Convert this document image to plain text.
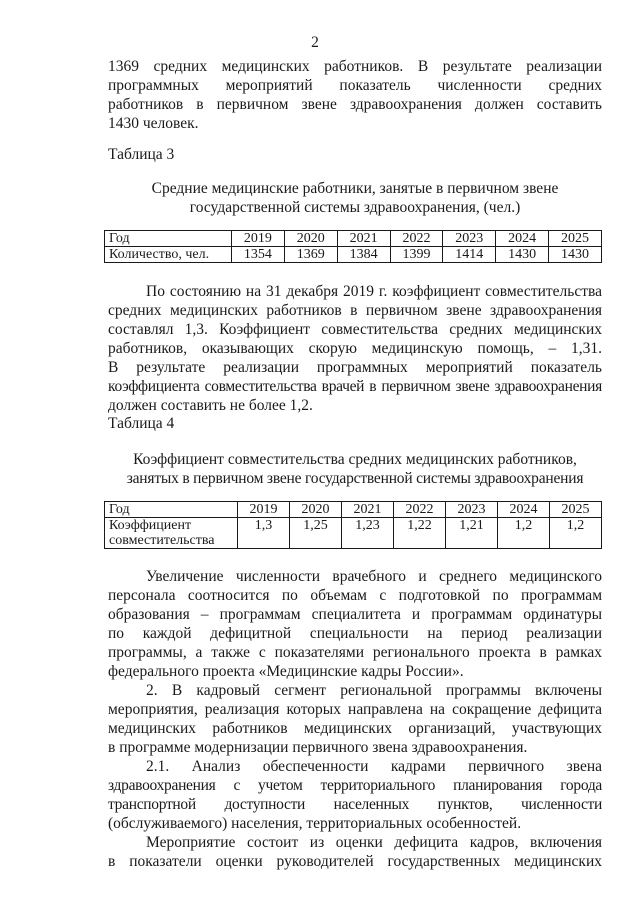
2
1369 средних медицинских работников. В результате реализации
программных мероприятий показатель численности средних
работников в первичном звене здравоохранения должен составить
1430 человек.
Таблица 3
Средние медицинские работники, занятые в первичном звене
государственной системы здравоохранения, (чел.)
Год	2019	2020	2021	2022	2023	2024	2025
Количество, чел.	1354	1369	1384	1399	1414	1430	1430
По состоянию на 31 декабря 2019 г. коэффициент совместительства
средних медицинских работников в первичном звене здравоохранения
составлял 1,3. Коэффициент совместительства средних медицинских
работников, оказывающих скорую медицинскую помощь, – 1,31.
В результате реализации программных мероприятий показатель
коэффициента совместительства врачей в первичном звене здравоохранения
должен составить не более 1,2.
Таблица 4
Коэффициент совместительства средних медицинских работников,
занятых в первичном звене государственной системы здравоохранения
Год	2019	2020	2021	2022	2023	2024	2025

Коэффициент
совместительства	1,3	1,25	1,23	1,22	1,21	1,2	1,2
Увеличение численности врачебного и среднего медицинского
персонала соотносится по объемам с подготовкой по программам
образования – программам специалитета и программам ординатуры
по каждой дефицитной специальности на период реализации
программы, а также с показателями регионального проекта в рамках
федерального проекта «Медицинские кадры России».
2. В кадровый сегмент региональной программы включены
мероприятия, реализация которых направлена на сокращение дефицита
медицинских работников медицинских организаций, участвующих
в программе модернизации первичного звена здравоохранения.
2.1. Анализ обеспеченности кадрами первичного звена
здравоохранения с учетом территориального планирования города
транспортной доступности населенных пунктов, численности
(обслуживаемого) населения, территориальных особенностей.
Мероприятие состоит из оценки дефицита кадров, включения
в показатели оценки руководителей государственных медицинских
